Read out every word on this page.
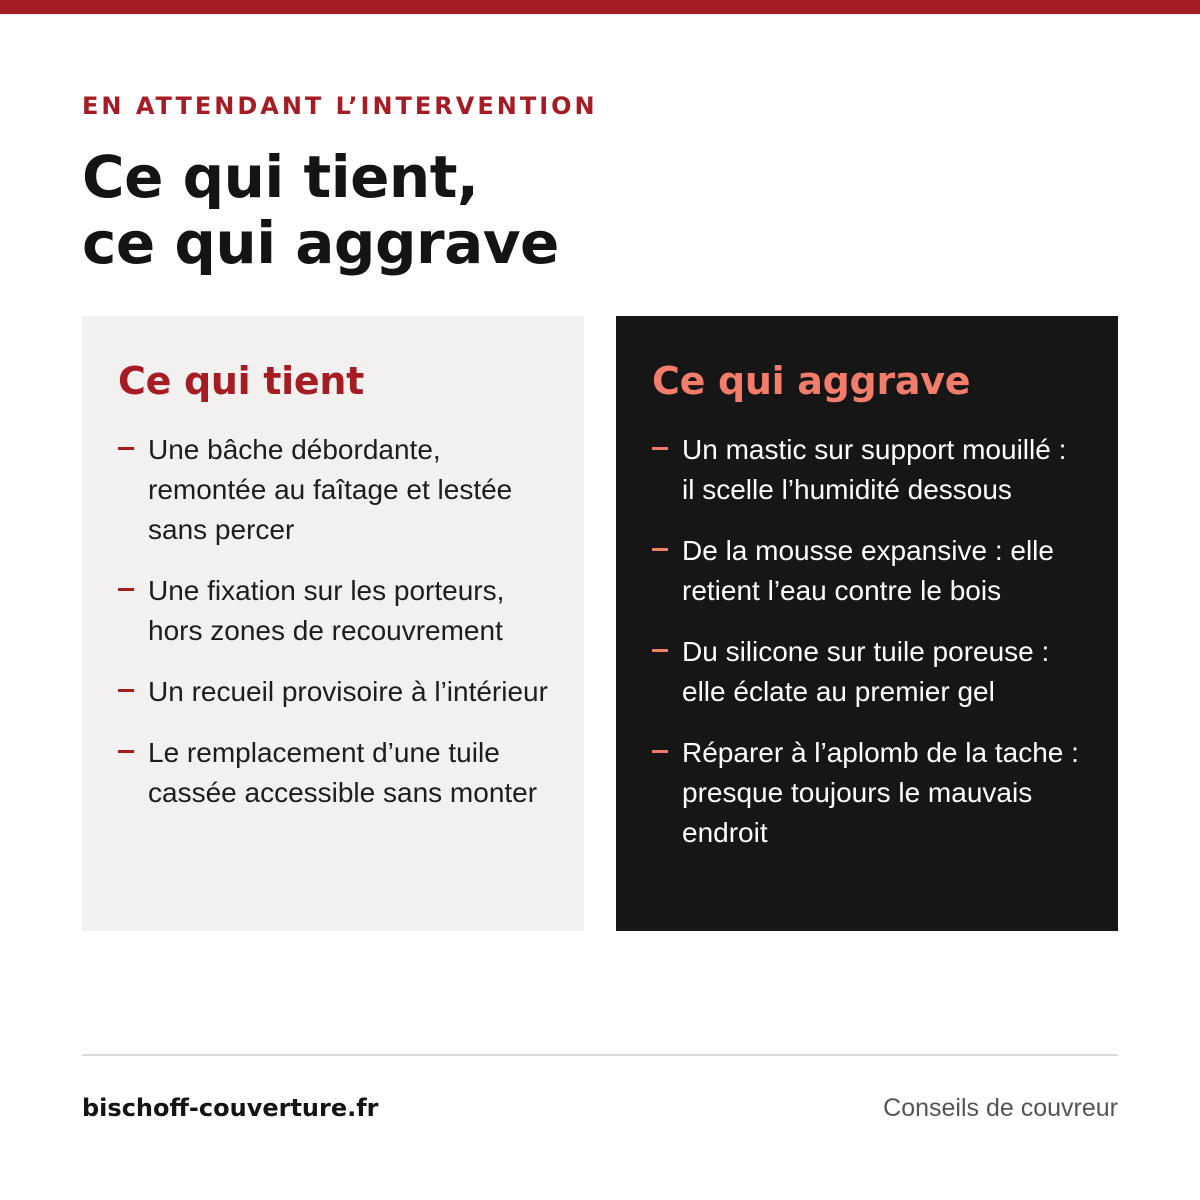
EN ATTENDANT L’INTERVENTION
Ce qui tient,
ce qui aggrave
Ce qui tient
Une bâche débordante, remontée au faîtage et lestée sans percer
Une fixation sur les porteurs, hors zones de recouvrement
Un recueil provisoire à l’intérieur
Le remplacement d’une tuile cassée accessible sans monter
Ce qui aggrave
Un mastic sur support mouillé : il scelle l’humidité dessous
De la mousse expansive : elle retient l’eau contre le bois
Du silicone sur tuile poreuse : elle éclate au premier gel
Réparer à l’aplomb de la tache : presque toujours le mauvais endroit
bischoff-couverture.fr	Conseils de couvreur
